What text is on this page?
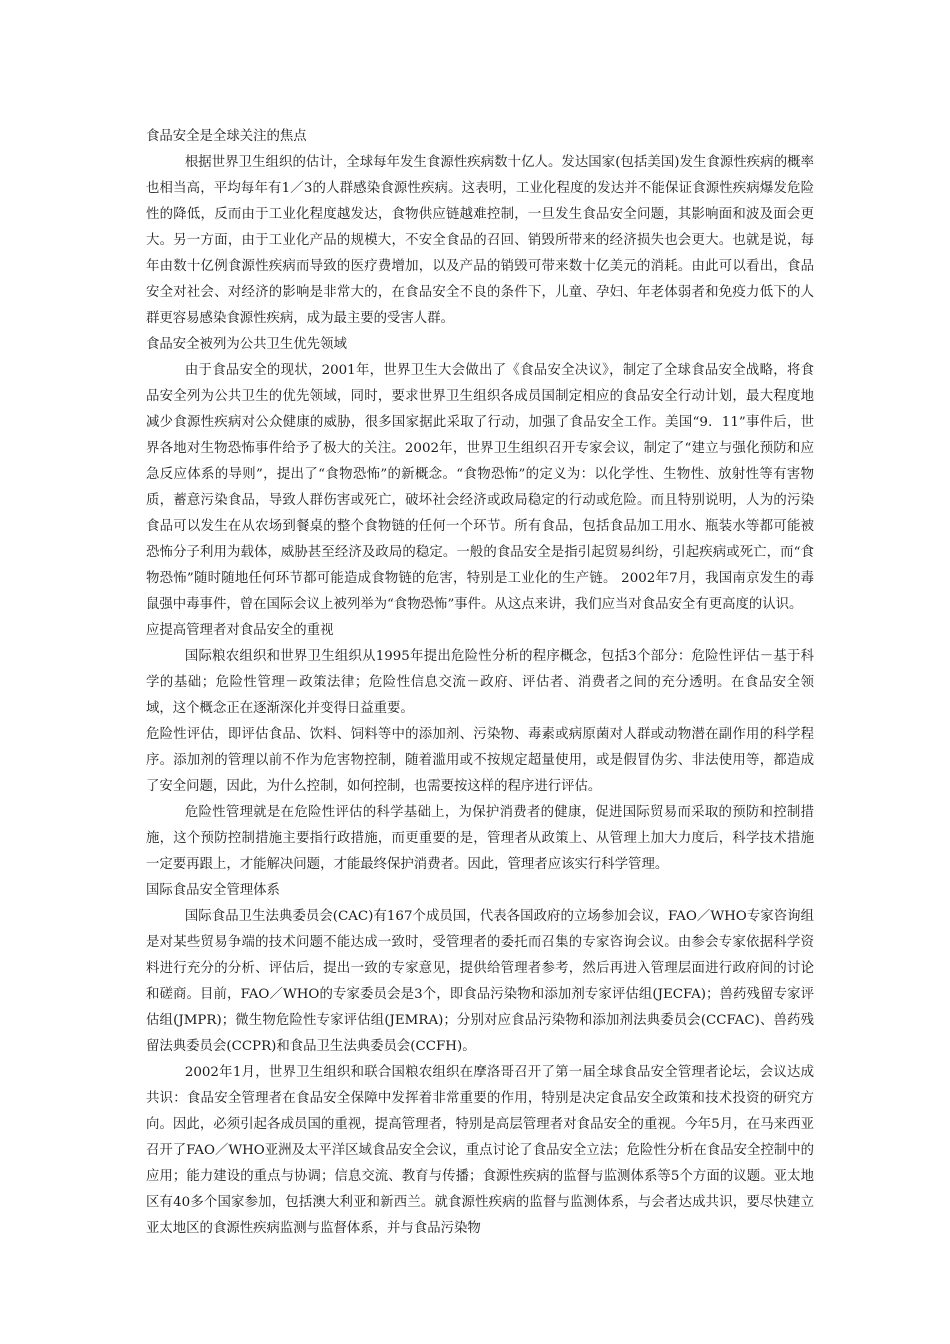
食品安全是全球关注的焦点

根据世界卫生组织的估计，全球每年发生食源性疾病数十亿人。发达国家(包括美国)发生食源性疾病的概率也相当高，平均每年有1／3的人群感染食源性疾病。这表明，工业化程度的发达并不能保证食源性疾病爆发危险性的降低，反而由于工业化程度越发达，食物供应链越难控制，一旦发生食品安全问题，其影响面和波及面会更大。另一方面，由于工业化产品的规模大，不安全食品的召回、销毁所带来的经济损失也会更大。也就是说，每年由数十亿例食源性疾病而导致的医疗费增加，以及产品的销毁可带来数十亿美元的消耗。由此可以看出，食品安全对社会、对经济的影响是非常大的，在食品安全不良的条件下，儿童、孕妇、年老体弱者和免疫力低下的人群更容易感染食源性疾病，成为最主要的受害人群。

食品安全被列为公共卫生优先领域

由于食品安全的现状，2001年，世界卫生大会做出了《食品安全决议》，制定了全球食品安全战略，将食品安全列为公共卫生的优先领域，同时，要求世界卫生组织各成员国制定相应的食品安全行动计划，最大程度地减少食源性疾病对公众健康的威胁，很多国家据此采取了行动，加强了食品安全工作。美国“9．11”事件后，世界各地对生物恐怖事件给予了极大的关注。2002年，世界卫生组织召开专家会议，制定了“建立与强化预防和应急反应体系的导则”，提出了“食物恐怖”的新概念。“食物恐怖”的定义为：以化学性、生物性、放射性等有害物质，蓄意污染食品，导致人群伤害或死亡，破坏社会经济或政局稳定的行动或危险。而且特别说明，人为的污染食品可以发生在从农场到餐桌的整个食物链的任何一个环节。所有食品，包括食品加工用水、瓶装水等都可能被恐怖分子利用为载体，威胁甚至经济及政局的稳定。一般的食品安全是指引起贸易纠纷，引起疾病或死亡，而“食物恐怖”随时随地任何环节都可能造成食物链的危害，特别是工业化的生产链。 2002年7月，我国南京发生的毒鼠强中毒事件，曾在国际会议上被列举为“食物恐怖”事件。从这点来讲，我们应当对食品安全有更高度的认识。

应提高管理者对食品安全的重视

国际粮农组织和世界卫生组织从1995年提出危险性分析的程序概念，包括3个部分：危险性评估－基于科学的基础；危险性管理－政策法律；危险性信息交流－政府、评估者、消费者之间的充分透明。在食品安全领域，这个概念正在逐渐深化并变得日益重要。

危险性评估，即评估食品、饮料、饲料等中的添加剂、污染物、毒素或病原菌对人群或动物潜在副作用的科学程序。添加剂的管理以前不作为危害物控制，随着滥用或不按规定超量使用，或是假冒伪劣、非法使用等，都造成了安全问题，因此，为什么控制，如何控制，也需要按这样的程序进行评估。

危险性管理就是在危险性评估的科学基础上，为保护消费者的健康，促进国际贸易而采取的预防和控制措施，这个预防控制措施主要指行政措施，而更重要的是，管理者从政策上、从管理上加大力度后，科学技术措施一定要再跟上，才能解决问题，才能最终保护消费者。因此，管理者应该实行科学管理。

国际食品安全管理体系

国际食品卫生法典委员会(CAC)有167个成员国，代表各国政府的立场参加会议，FAO／WHO专家咨询组是对某些贸易争端的技术问题不能达成一致时，受管理者的委托而召集的专家咨询会议。由参会专家依据科学资料进行充分的分析、评估后，提出一致的专家意见，提供给管理者参考，然后再进入管理层面进行政府间的讨论和磋商。目前，FAO／WHO的专家委员会是3个，即食品污染物和添加剂专家评估组(JECFA)；兽药残留专家评估组(JMPR)；微生物危险性专家评估组(JEMRA)；分别对应食品污染物和添加剂法典委员会(CCFAC)、兽药残留法典委员会(CCPR)和食品卫生法典委员会(CCFH)。

2002年1月，世界卫生组织和联合国粮农组织在摩洛哥召开了第一届全球食品安全管理者论坛，会议达成共识：食品安全管理者在食品安全保障中发挥着非常重要的作用，特别是决定食品安全政策和技术投资的研究方向。因此，必须引起各成员国的重视，提高管理者，特别是高层管理者对食品安全的重视。今年5月，在马来西亚召开了FAO／WHO亚洲及太平洋区域食品安全会议，重点讨论了食品安全立法；危险性分析在食品安全控制中的应用；能力建设的重点与协调；信息交流、教育与传播；食源性疾病的监督与监测体系等5个方面的议题。亚太地区有40多个国家参加，包括澳大利亚和新西兰。就食源性疾病的监督与监测体系，与会者达成共识，要尽快建立亚太地区的食源性疾病监测与监督体系，并与食品污染物
